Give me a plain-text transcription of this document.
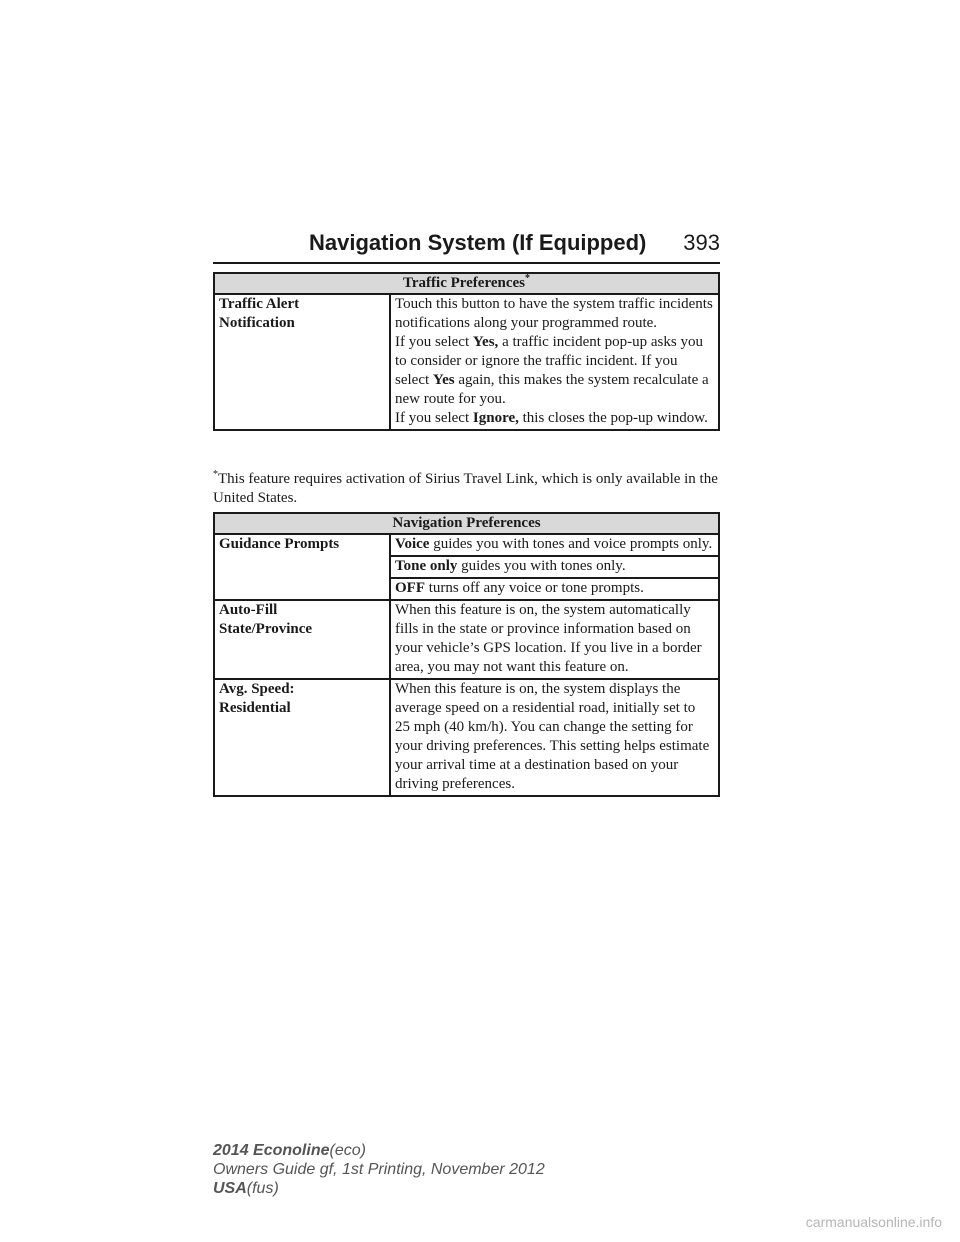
Navigation System (If Equipped) 393
Traffic Preferences*
Traffic Alert
Notification	Touch this button to have the system traffic incidents notifications along your programmed route.
If you select Yes, a traffic incident pop-up asks you to consider or ignore the traffic incident. If you select Yes again, this makes the system recalculate a new route for you.
If you select Ignore, this closes the pop-up window.
*This feature requires activation of Sirius Travel Link, which is only available in the United States.
Navigation Preferences	
Guidance Prompts	Voice guides you with tones and voice prompts only.
	Tone only guides you with tones only.
	OFF turns off any voice or tone prompts.
Auto-Fill
State/Province	When this feature is on, the system automatically fills in the state or province information based on your vehicle’s GPS location. If you live in a border area, you may not want this feature on.
Avg. Speed:
Residential	When this feature is on, the system displays the average speed on a residential road, initially set to 25 mph (40 km/h). You can change the setting for your driving preferences. This setting helps estimate your arrival time at a destination based on your driving preferences.
2014 Econoline(eco)
Owners Guide gf, 1st Printing, November 2012
USA(fus)
carmanualsonline.info
